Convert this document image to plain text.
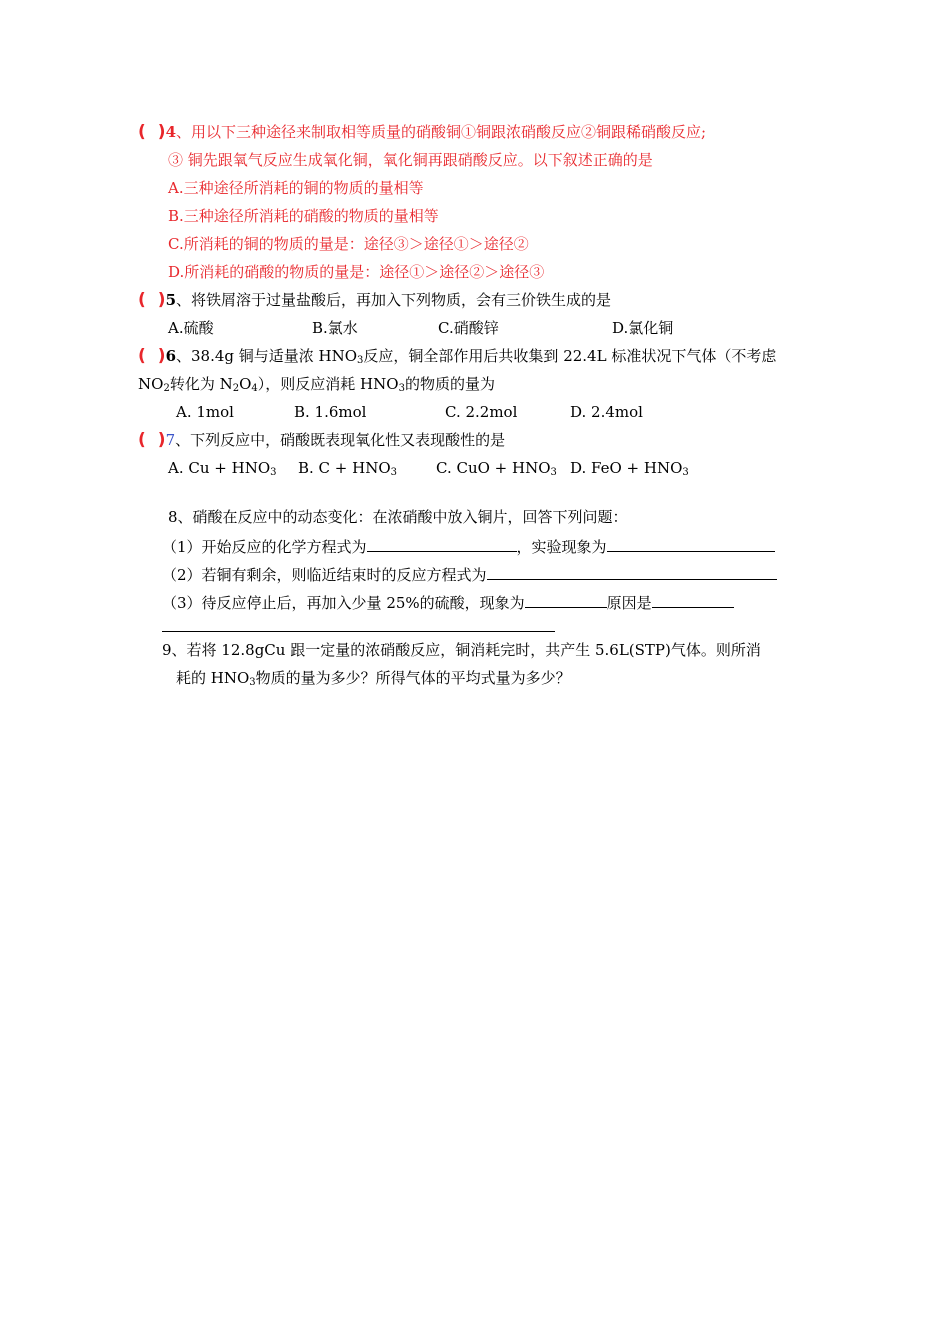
( )4、用以下三种途径来制取相等质量的硝酸铜①铜跟浓硝酸反应②铜跟稀硝酸反应;
③ 铜先跟氧气反应生成氧化铜，氧化铜再跟硝酸反应。以下叙述正确的是
A.三种途径所消耗的铜的物质的量相等
B.三种途径所消耗的硝酸的物质的量相等
C.所消耗的铜的物质的量是：途径③＞途径①＞途径②
D.所消耗的硝酸的物质的量是：途径①＞途径②＞途径③
( )5、将铁屑溶于过量盐酸后，再加入下列物质，会有三价铁生成的是
A.硫酸	B.氯水	C.硝酸锌	D.氯化铜
( )6、38.4g 铜与适量浓 $HNO_3$反应，铜全部作用后共收集到 22.4L 标准状况下气体（不考虑
$NO_2$转化为 $N_2O_4$），则反应消耗 $HNO_3$的物质的量为
A. 1mol	B. 1.6mol	C. 2.2mol	D. 2.4mol
( )7、下列反应中，硝酸既表现氧化性又表现酸性的是
A. $Cu + HNO_3$ B. $C + HNO_3$	C. CuO + $HNO_3$ D. FeO + $HNO_3$
8、硝酸在反应中的动态变化：在浓硝酸中放入铜片，回答下列问题：
（1）开始反应的化学方程式为	，实验现象为
（2）若铜有剩余，则临近结束时的反应方程式为
（3）待反应停止后，再加入少量 25%的硫酸，现象为	原因是
9、若将 12.8gCu 跟一定量的浓硝酸反应，铜消耗完时，共产生 5.6L(STP)气体。则所消
耗的 $HNO_3$物质的量为多少？所得气体的平均式量为多少？
